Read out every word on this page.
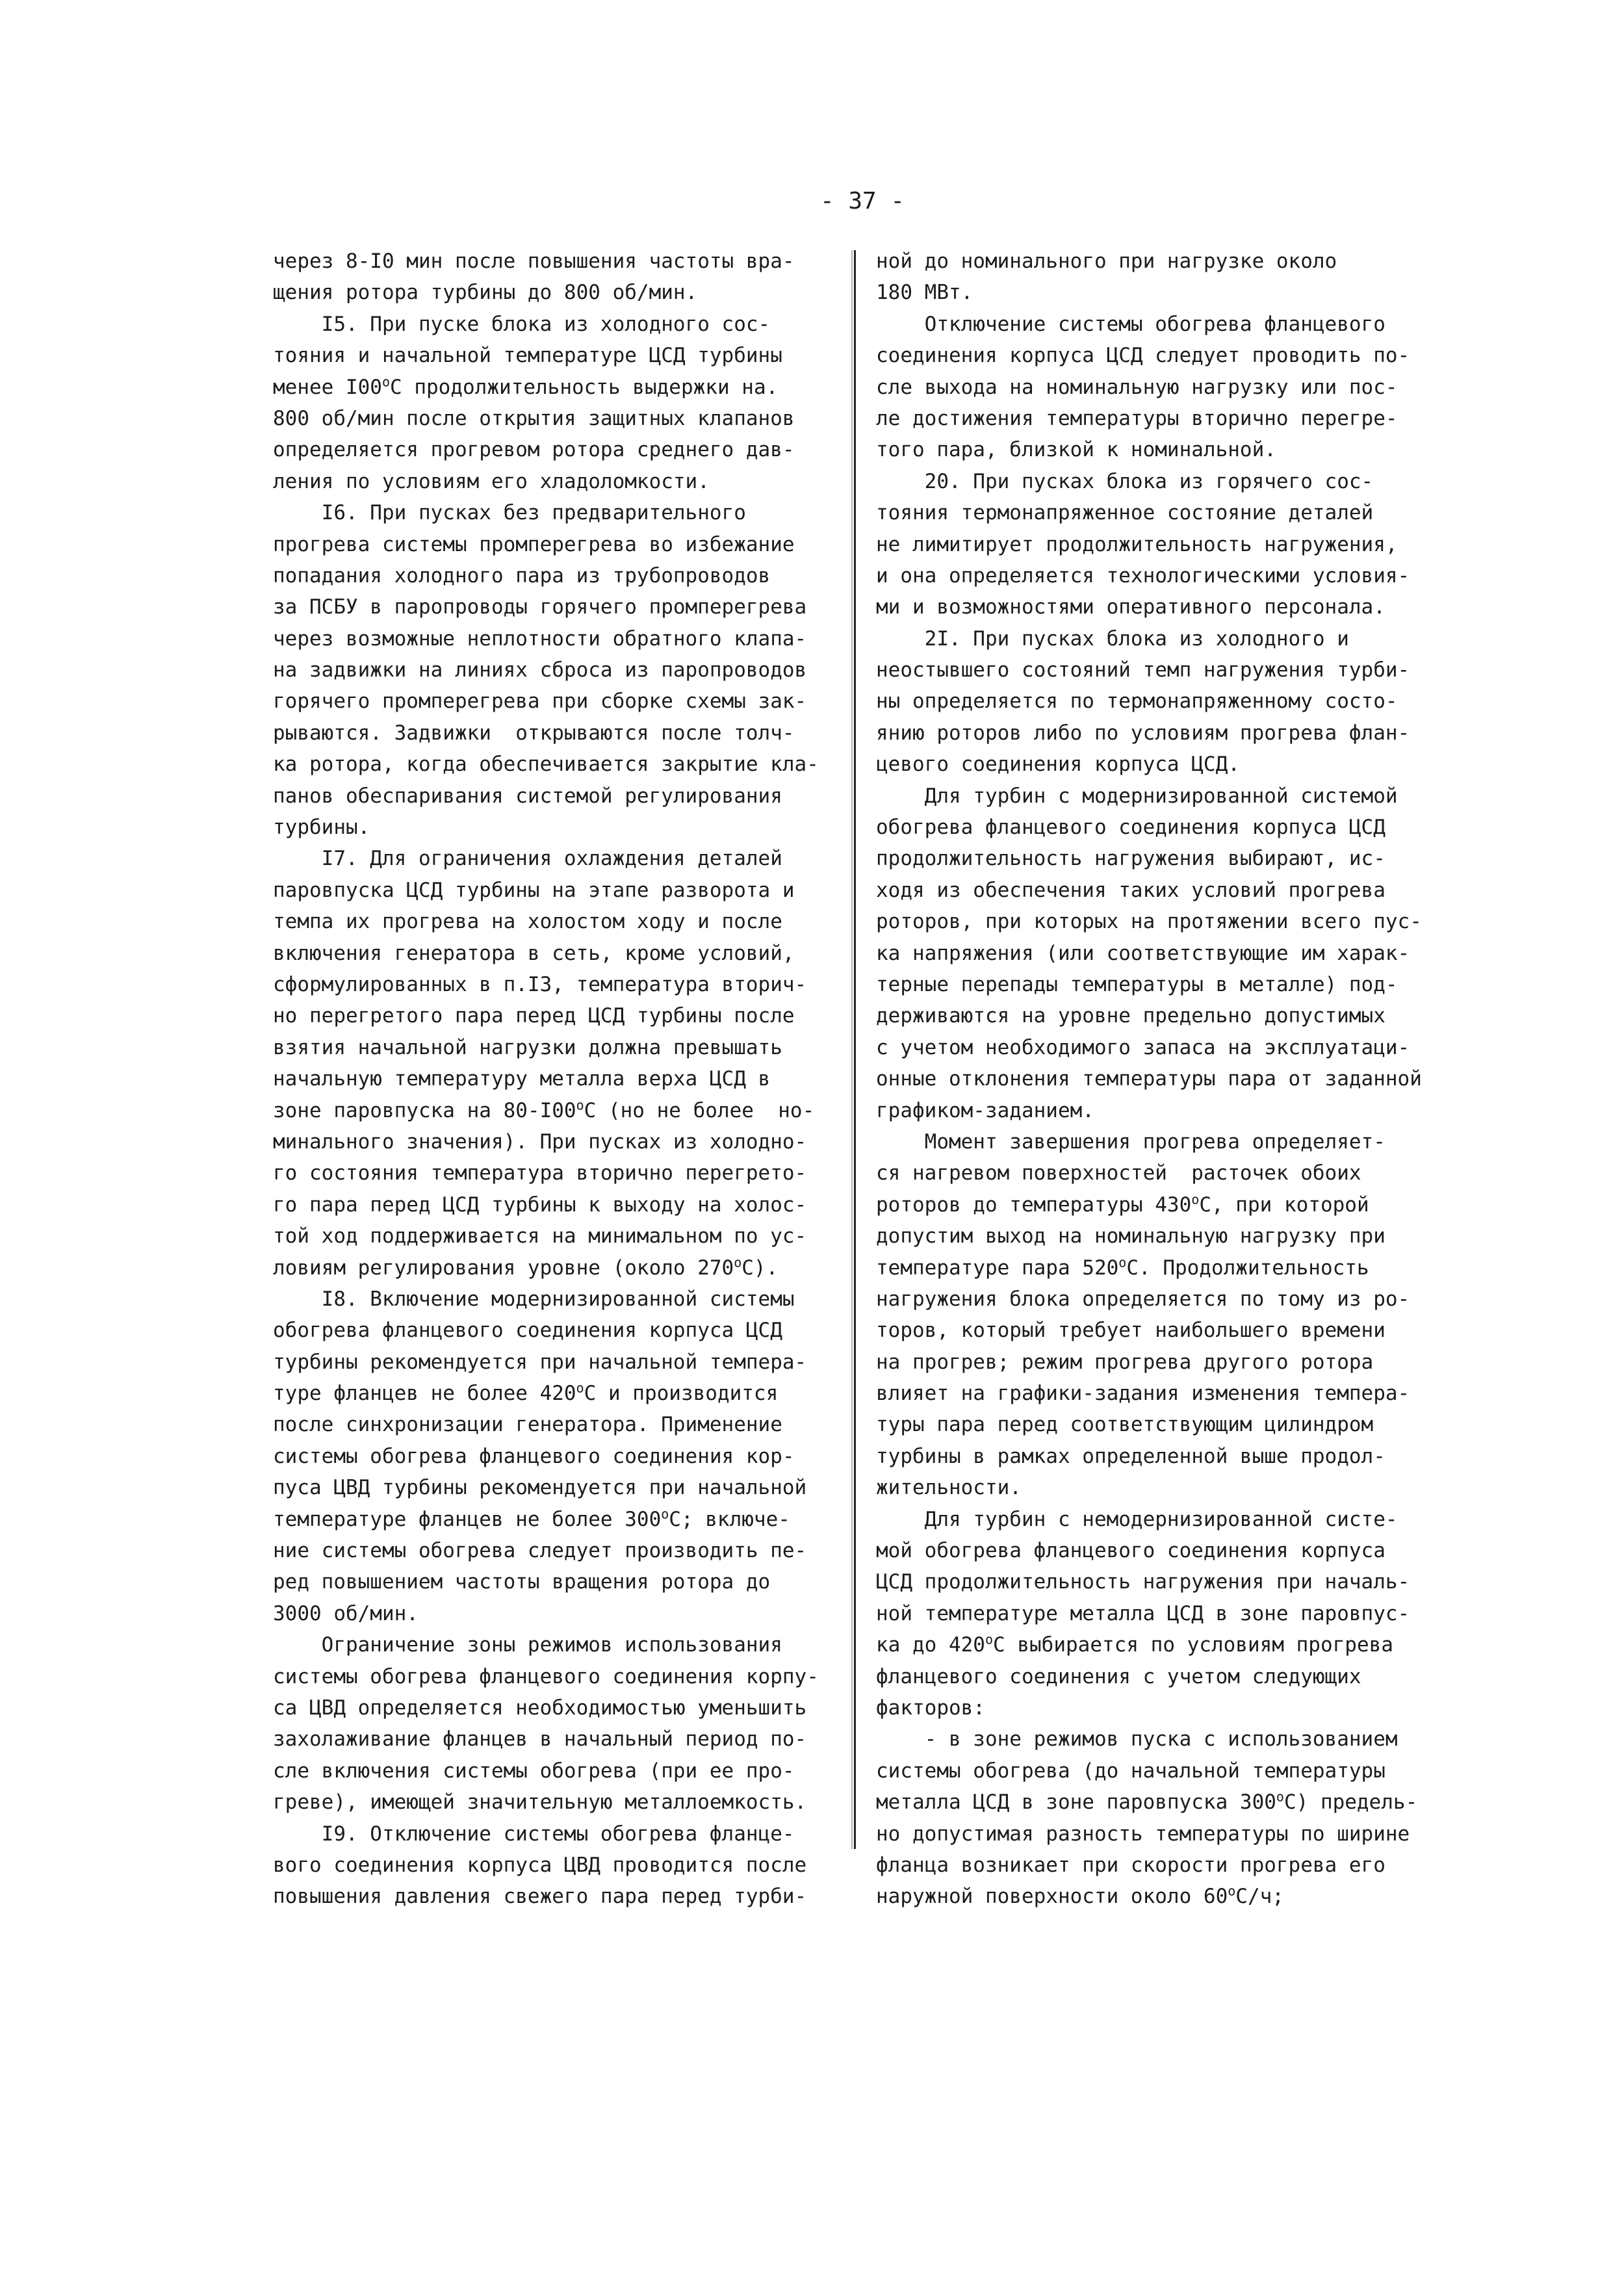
- 37 -
через 8-I0 мин после повышения частоты вра-
щения ротора турбины до 800 об/мин.
I5. При пуске блока из холодного сос-
тояния и начальной температуре ЦСД турбины
менее I00$^o$C продолжительность выдержки на.
800 об/мин после открытия защитных клапанов
определяется прогревом ротора среднего дав-
ления по условиям его хладоломкости.
I6. При пусках без предварительного
прогрева системы промперегрева во избежание
попадания холодного пара из трубопроводов
за ПСБУ в паропроводы горячего промперегрева
через возможные неплотности обратного клапа-
на задвижки на линиях сброса из паропроводов
горячего промперегрева при сборке схемы зак-
рываются. Задвижки  открываются после толч-
ка ротора, когда обеспечивается закрытие кла-
панов обеспаривания системой регулирования
турбины.
I7. Для ограничения охлаждения деталей
паровпуска ЦСД турбины на этапе разворота и
темпа их прогрева на холостом ходу и после
включения генератора в сеть, кроме условий,
сформулированных в п.I3, температура вторич-
но перегретого пара перед ЦСД турбины после
взятия начальной нагрузки должна превышать
начальную температуру металла верха ЦСД в
зоне паровпуска на 80-I00$^o$C (но не более  но-
минального значения). При пусках из холодно-
го состояния температура вторично перегрето-
го пара перед ЦСД турбины к выходу на холос-
той ход поддерживается на минимальном по ус-
ловиям регулирования уровне (около 270$^o$C).
I8. Включение модернизированной системы
обогрева фланцевого соединения корпуса ЦСД
турбины рекомендуется при начальной темпера-
туре фланцев не более 420$^o$C и производится
после синхронизации генератора. Применение
системы обогрева фланцевого соединения кор-
пуса ЦВД турбины рекомендуется при начальной
температуре фланцев не более 300$^o$C; включе-
ние системы обогрева следует производить пе-
ред повышением частоты вращения ротора до
3000 об/мин.
Ограничение зоны режимов использования
системы обогрева фланцевого соединения корпу-
са ЦВД определяется необходимостью уменьшить
захолаживание фланцев в начальный период по-
сле включения системы обогрева (при ее про-
греве), имеющей значительную металлоемкость.
I9. Отключение системы обогрева фланце-
вого соединения корпуса ЦВД проводится после
повышения давления свежего пара перед турби-
ной до номинального при нагрузке около
180 МВт.
Отключение системы обогрева фланцевого
соединения корпуса ЦСД следует проводить по-
сле выхода на номинальную нагрузку или пос-
ле достижения температуры вторично перегре-
того пара, близкой к номинальной.
20. При пусках блока из горячего сос-
тояния термонапряженное состояние деталей
не лимитирует продолжительность нагружения,
и она определяется технологическими условия-
ми и возможностями оперативного персонала.
2I. При пусках блока из холодного и
неостывшего состояний темп нагружения турби-
ны определяется по термонапряженному состо-
янию роторов либо по условиям прогрева флан-
цевого соединения корпуса ЦСД.
Для турбин с модернизированной системой
обогрева фланцевого соединения корпуса ЦСД
продолжительность нагружения выбирают, ис-
ходя из обеспечения таких условий прогрева
роторов, при которых на протяжении всего пус-
ка напряжения (или соответствующие им харак-
терные перепады температуры в металле) под-
держиваются на уровне предельно допустимых
с учетом необходимого запаса на эксплуатаци-
онные отклонения температуры пара от заданной
графиком-заданием.
Момент завершения прогрева определяет-
ся нагревом поверхностей  расточек обоих
роторов до температуры 430$^o$C, при которой
допустим выход на номинальную нагрузку при
температуре пара 520$^o$C. Продолжительность
нагружения блока определяется по тому из ро-
торов, который требует наибольшего времени
на прогрев; режим прогрева другого ротора
влияет на графики-задания изменения темпера-
туры пара перед соответствующим цилиндром
турбины в рамках определенной выше продол-
жительности.
Для турбин с немодернизированной систе-
мой обогрева фланцевого соединения корпуса
ЦСД продолжительность нагружения при началь-
ной температуре металла ЦСД в зоне паровпус-
ка до 420$^o$C выбирается по условиям прогрева
фланцевого соединения с учетом следующих
факторов:
- в зоне режимов пуска с использованием
системы обогрева (до начальной температуры
металла ЦСД в зоне паровпуска 300$^o$C) предель-
но допустимая разность температуры по ширине
фланца возникает при скорости прогрева его
наружной поверхности около 60$^o$C/ч;
